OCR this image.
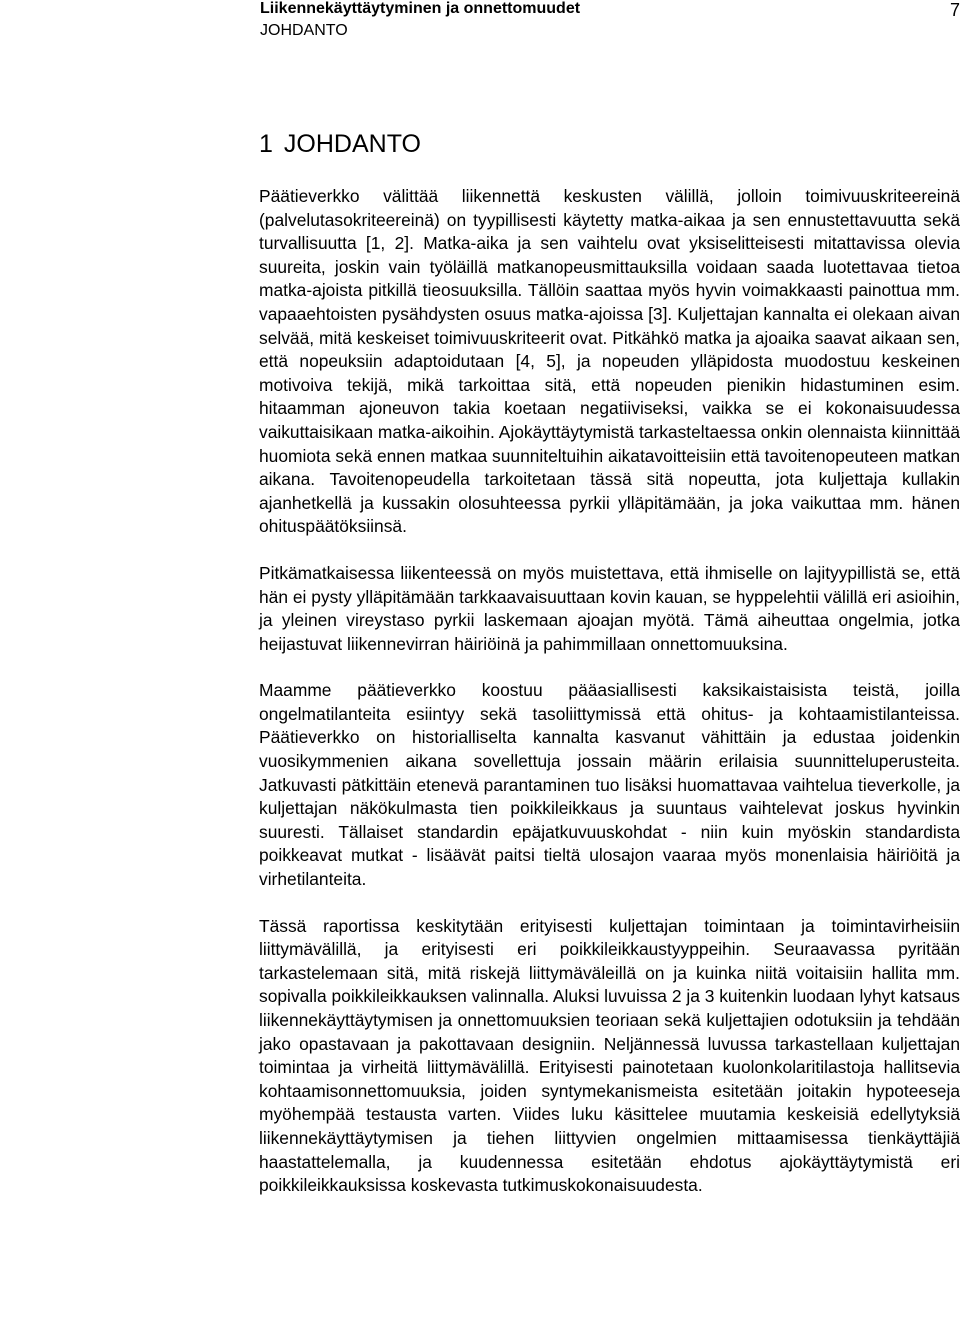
Liikennekäyttäytyminen ja onnettomuudet
JOHDANTO
7
1 JOHDANTO

Päätieverkko välittää liikennettä keskusten välillä, jolloin toimivuuskriteereinä (palvelutasokriteereinä) on tyypillisesti käytetty matka-aikaa ja sen ennustettavuutta sekä turvallisuutta [1, 2]. Matka-aika ja sen vaihtelu ovat yksiselitteisesti mitattavissa olevia suureita, joskin vain työläillä matkanopeusmittauksilla voidaan saada luotettavaa tietoa matka-ajoista pitkillä tieosuuksilla. Tällöin saattaa myös hyvin voimakkaasti painottua mm. vapaaehtoisten pysähdysten osuus matka-ajoissa [3]. Kuljettajan kannalta ei olekaan aivan selvää, mitä keskeiset toimivuuskriteerit ovat. Pitkähkö matka ja ajoaika saavat aikaan sen, että nopeuksiin adaptoidutaan [4, 5], ja nopeuden ylläpidosta muodostuu keskeinen motivoiva tekijä, mikä tarkoittaa sitä, että nopeuden pienikin hidastuminen esim. hitaamman ajoneuvon takia koetaan negatiiviseksi, vaikka se ei kokonaisuudessa vaikuttaisikaan matka-aikoihin. Ajokäyttäytymistä tarkasteltaessa onkin olennaista kiinnittää huomiota sekä ennen matkaa suunniteltuihin aikatavoitteisiin että tavoitenopeuteen matkan aikana. Tavoitenopeudella tarkoitetaan tässä sitä nopeutta, jota kuljettaja kullakin ajanhetkellä ja kussakin olosuhteessa pyrkii ylläpitämään, ja joka vaikuttaa mm. hänen ohituspäätöksiinsä.

Pitkämatkaisessa liikenteessä on myös muistettava, että ihmiselle on lajityypillistä se, että hän ei pysty ylläpitämään tarkkaavaisuuttaan kovin kauan, se hyppelehtii välillä eri asioihin, ja yleinen vireystaso pyrkii laskemaan ajoajan myötä. Tämä aiheuttaa ongelmia, jotka heijastuvat liikennevirran häiriöinä ja pahimmillaan onnettomuuksina.

Maamme päätieverkko koostuu pääasiallisesti kaksikaistaisista teistä, joilla ongelmatilanteita esiintyy sekä tasoliittymissä että ohitus- ja kohtaamistilanteissa. Päätieverkko on historialliselta kannalta kasvanut vähittäin ja edustaa joidenkin vuosikymmenien aikana sovellettuja jossain määrin erilaisia suunnitteluperusteita. Jatkuvasti pätkittäin etenevä parantaminen tuo lisäksi huomattavaa vaihtelua tieverkolle, ja kuljettajan näkökulmasta tien poikkileikkaus ja suuntaus vaihtelevat joskus hyvinkin suuresti. Tällaiset standardin epäjatkuvuuskohdat - niin kuin myöskin standardista poikkeavat mutkat - lisäävät paitsi tieltä ulosajon vaaraa myös monenlaisia häiriöitä ja virhetilanteita.

Tässä raportissa keskitytään erityisesti kuljettajan toimintaan ja toimintavirheisiin liittymävälillä, ja erityisesti eri poikkileikkaustyyppeihin. Seuraavassa pyritään tarkastelemaan sitä, mitä riskejä liittymäväleillä on ja kuinka niitä voitaisiin hallita mm. sopivalla poikkileikkauksen valinnalla. Aluksi luvuissa 2 ja 3 kuitenkin luodaan lyhyt katsaus liikennekäyttäytymisen ja onnettomuuksien teoriaan sekä kuljettajien odotuksiin ja tehdään jako opastavaan ja pakottavaan designiin. Neljännessä luvussa tarkastellaan kuljettajan toimintaa ja virheitä liittymävälillä. Erityisesti painotetaan kuolonkolaritilastoja hallitsevia kohtaamisonnettomuuksia, joiden syntymekanismeista esitetään joitakin hypoteeseja myöhempää testausta varten. Viides luku käsittelee muutamia keskeisiä edellytyksiä liikennekäyttäytymisen ja tiehen liittyvien ongelmien mittaamisessa tienkäyttäjiä haastattelemalla, ja kuudennessa esitetään ehdotus ajokäyttäytymistä eri poikkileikkauksissa koskevasta tutkimuskokonaisuudesta.
